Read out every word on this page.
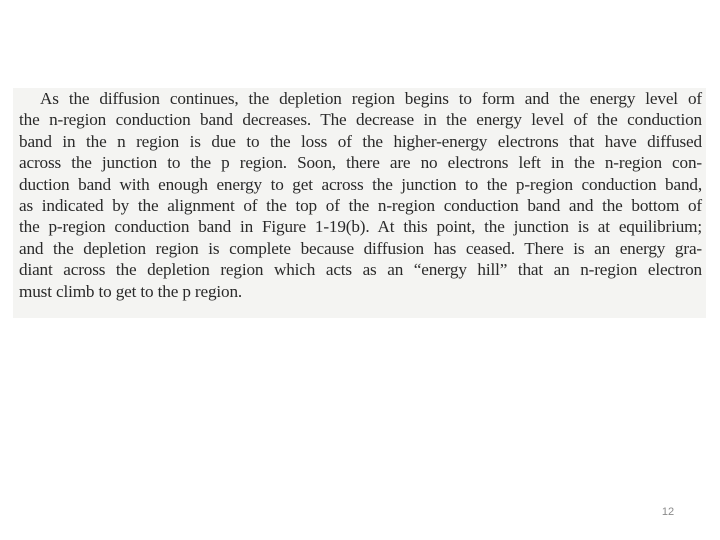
As the diffusion continues, the depletion region begins to form and the energy level of
the n-region conduction band decreases. The decrease in the energy level of the conduction
band in the n region is due to the loss of the higher-energy electrons that have diffused
across the junction to the p region. Soon, there are no electrons left in the n-region con-
duction band with enough energy to get across the junction to the p-region conduction band,
as indicated by the alignment of the top of the n-region conduction band and the bottom of
the p-region conduction band in Figure 1-19(b). At this point, the junction is at equilibrium;
and the depletion region is complete because diffusion has ceased. There is an energy gra-
diant across the depletion region which acts as an “energy hill” that an n-region electron
must climb to get to the p region.

12
